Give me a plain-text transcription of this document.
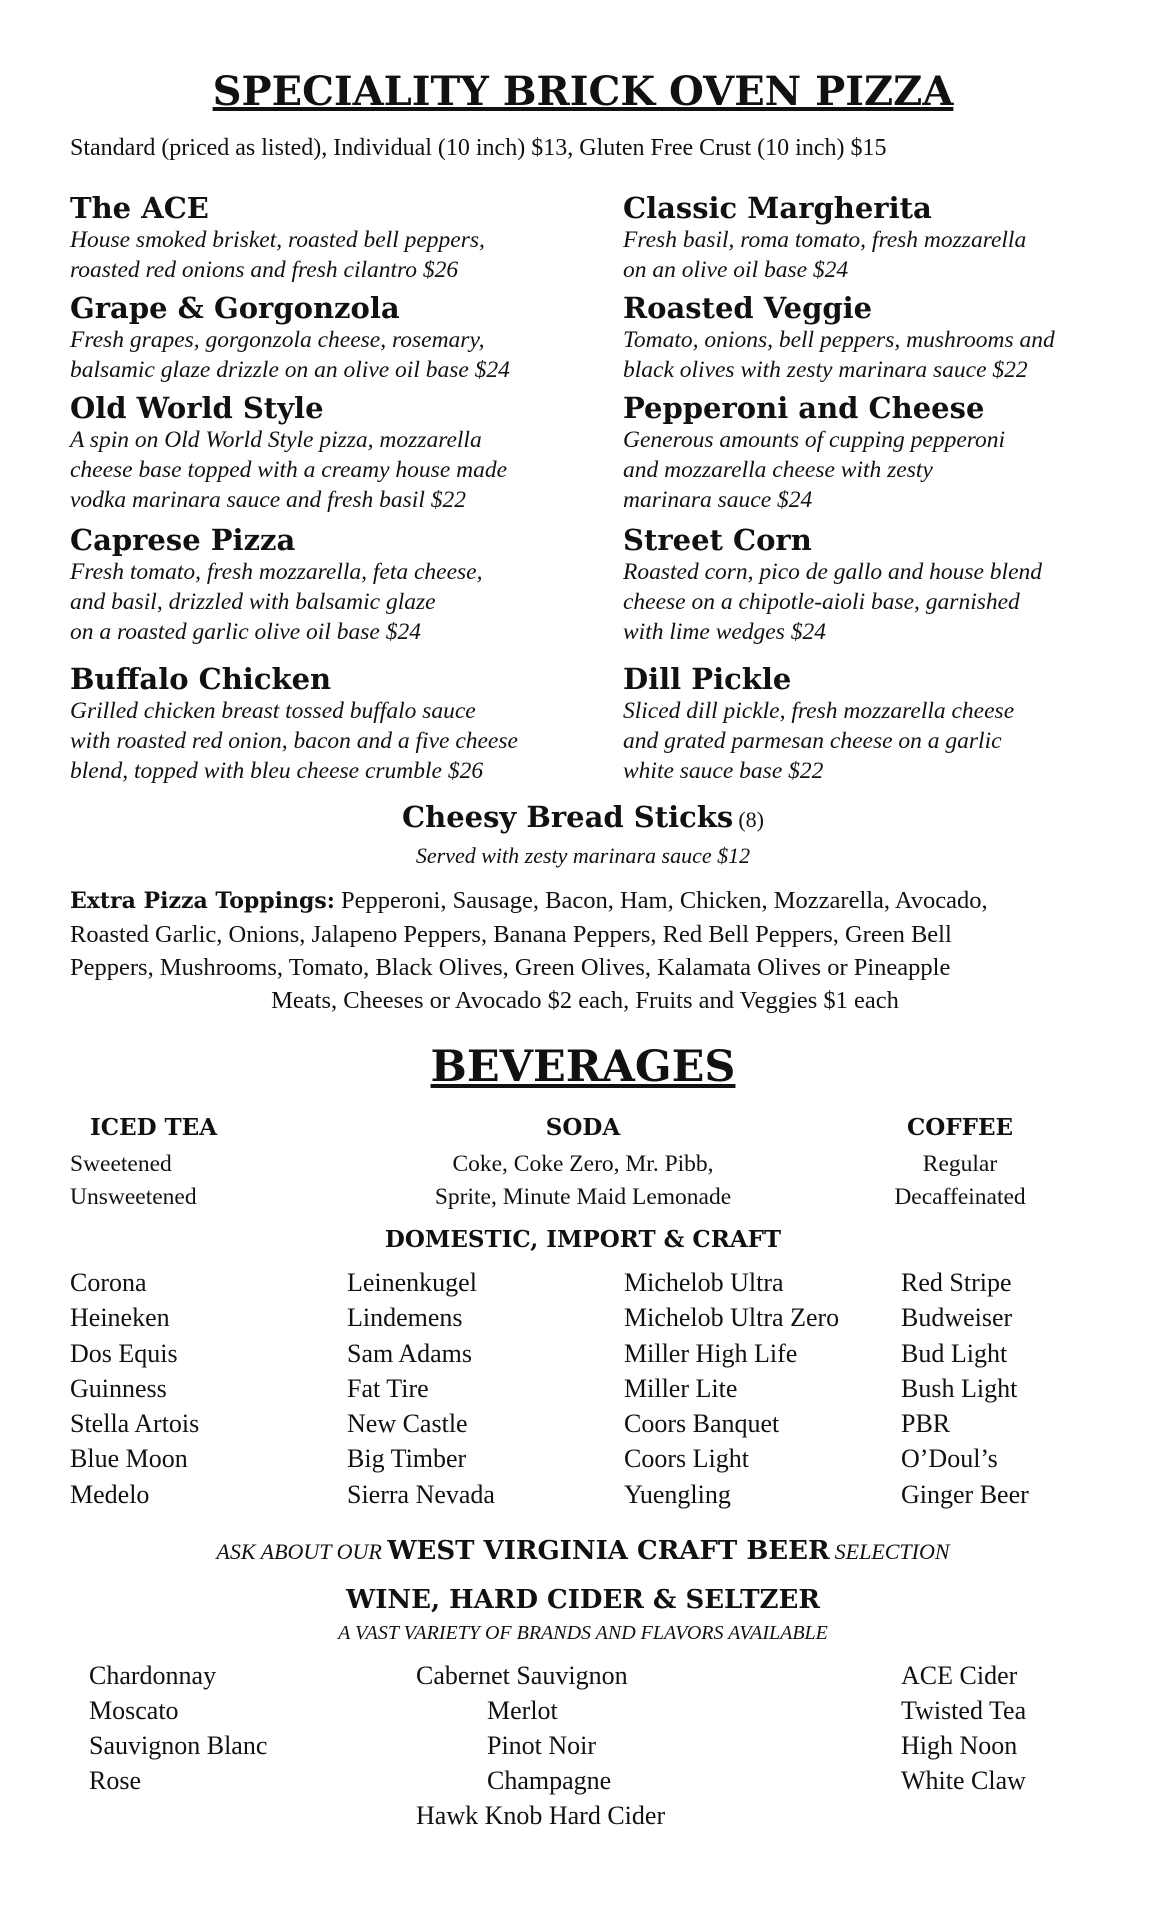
SPECIALITY BRICK OVEN PIZZA

Standard (priced as listed), Individual (10 inch) $13, Gluten Free Crust (10 inch) $15

The ACE
House smoked brisket, roasted bell peppers,
roasted red onions and fresh cilantro $26
Grape & Gorgonzola
Fresh grapes, gorgonzola cheese, rosemary,
balsamic glaze drizzle on an olive oil base $24
Old World Style
A spin on Old World Style pizza, mozzarella
cheese base topped with a creamy house made
vodka marinara sauce and fresh basil $22
Caprese Pizza
Fresh tomato, fresh mozzarella, feta cheese,
and basil, drizzled with balsamic glaze
on a roasted garlic olive oil base $24
Buffalo Chicken
Grilled chicken breast tossed buffalo sauce
with roasted red onion, bacon and a five cheese
blend, topped with bleu cheese crumble $26
Classic Margherita
Fresh basil, roma tomato, fresh mozzarella
on an olive oil base $24
Roasted Veggie
Tomato, onions, bell peppers, mushrooms and
black olives with zesty marinara sauce $22
Pepperoni and Cheese
Generous amounts of cupping pepperoni
and mozzarella cheese with zesty
marinara sauce $24
Street Corn
Roasted corn, pico de gallo and house blend
cheese on a chipotle-aioli base, garnished
with lime wedges $24
Dill Pickle
Sliced dill pickle, fresh mozzarella cheese
and grated parmesan cheese on a garlic
white sauce base $22
Cheesy Bread Sticks (8)
Served with zesty marinara sauce $12
Extra Pizza Toppings: Pepperoni, Sausage, Bacon, Ham, Chicken, Mozzarella, Avocado,
Roasted Garlic, Onions, Jalapeno Peppers, Banana Peppers, Red Bell Peppers, Green Bell
Peppers, Mushrooms, Tomato, Black Olives, Green Olives, Kalamata Olives or Pineapple
Meats, Cheeses or Avocado $2 each, Fruits and Veggies $1 each
BEVERAGES
ICED TEA
Sweetened
Unsweetened
SODA
Coke, Coke Zero, Mr. Pibb,
Sprite, Minute Maid Lemonade
COFFEE
Regular
Decaffeinated
DOMESTIC, IMPORT & CRAFT
Corona
Heineken
Dos Equis
Guinness
Stella Artois
Blue Moon
Medelo
Leinenkugel
Lindemens
Sam Adams
Fat Tire
New Castle
Big Timber
Sierra Nevada
Michelob Ultra
Michelob Ultra Zero
Miller High Life
Miller Lite
Coors Banquet
Coors Light
Yuengling
Red Stripe
Budweiser
Bud Light
Bush Light
PBR
O’Doul’s
Ginger Beer
ASK ABOUT OUR WEST VIRGINIA CRAFT BEER SELECTION
WINE, HARD CIDER & SELTZER
A VAST VARIETY OF BRANDS AND FLAVORS AVAILABLE
Chardonnay
Moscato
Sauvignon Blanc
Rose
Cabernet Sauvignon
Merlot
Pinot Noir
Champagne
Hawk Knob Hard Cider
ACE Cider
Twisted Tea
High Noon
White Claw
